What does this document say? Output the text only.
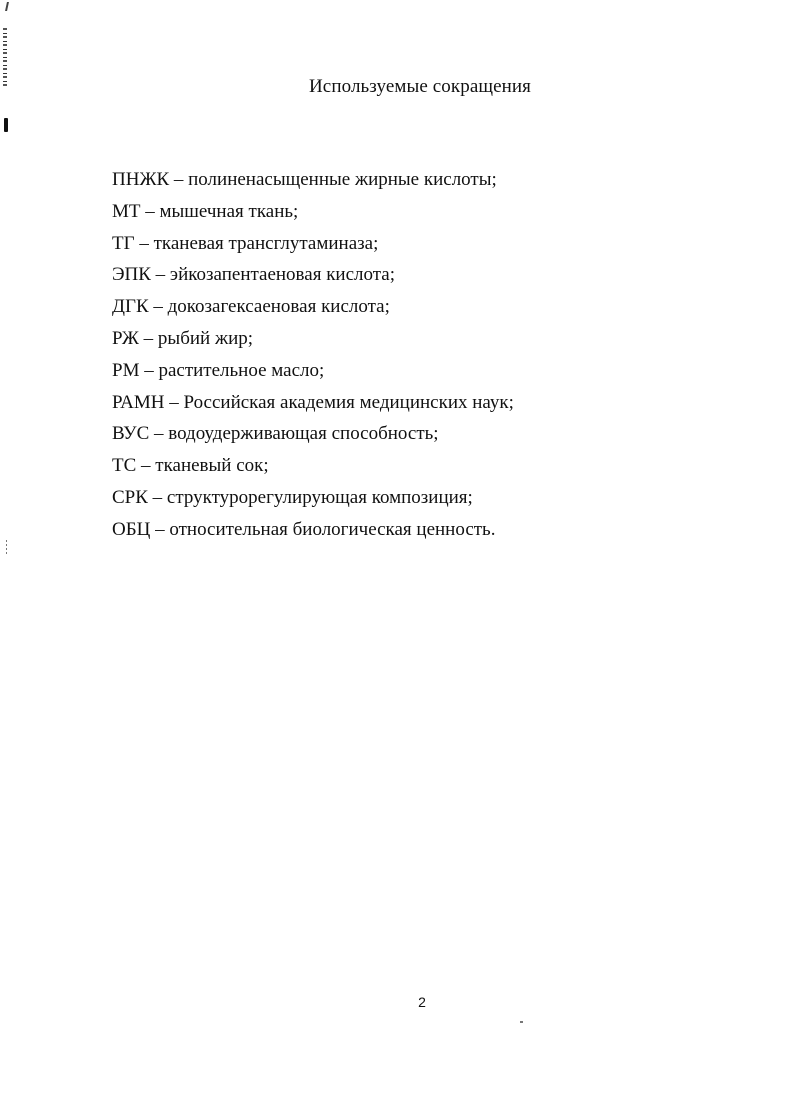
Используемые сокращения
ПНЖК – полиненасыщенные жирные кислоты;
МТ – мышечная ткань;
ТГ – тканевая трансглутаминаза;
ЭПК – эйкозапентаеновая кислота;
ДГК – докозагексаеновая кислота;
РЖ – рыбий жир;
РМ – растительное масло;
РАМН – Российская академия медицинских наук;
ВУС – водоудерживающая способность;
ТС – тканевый сок;
СРК – структурорегулирующая композиция;
ОБЦ – относительная биологическая ценность.
2
